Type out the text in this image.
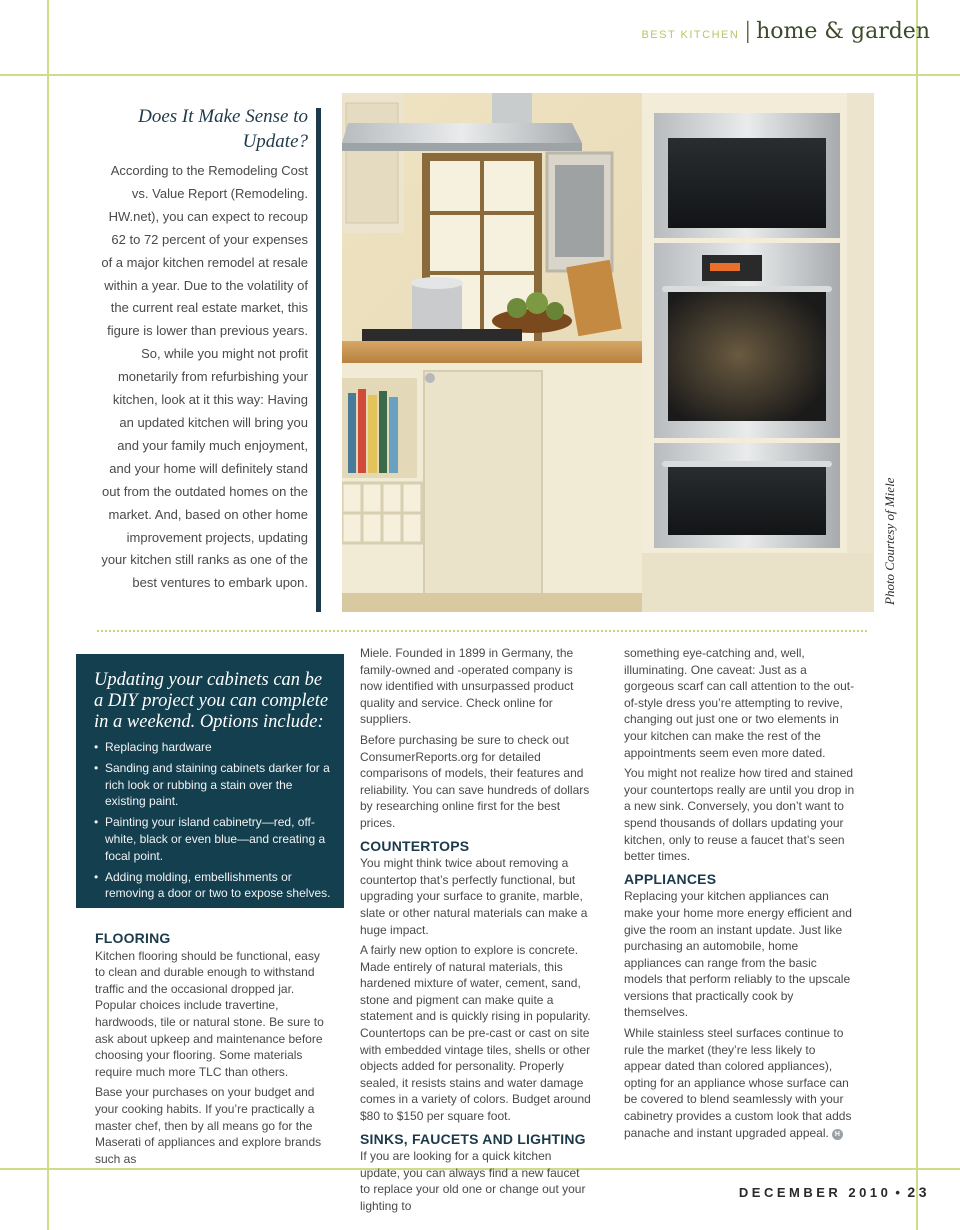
BEST KITCHEN | home & garden
Does It Make Sense to Update?

According to the Remodeling Cost vs. Value Report (Remodeling. HW.net), you can expect to recoup 62 to 72 percent of your expenses of a major kitchen remodel at resale within a year. Due to the volatility of the current real estate market, this figure is lower than previous years. So, while you might not profit monetarily from refurbishing your kitchen, look at it this way: Having an updated kitchen will bring you and your family much enjoyment, and your home will definitely stand out from the outdated homes on the market. And, based on other home improvement projects, updating your kitchen still ranks as one of the best ventures to embark upon.	Photo Courtesy of Miele
Updating your cabinets can be a DIY project you can complete in a weekend. Options include:
• Replacing hardware
• Sanding and staining cabinets darker for a rich look or rubbing a stain over the existing paint.
• Painting your island cabinetry—red, off-white, black or even blue—and creating a focal point.
• Adding molding, embellishments or removing a door or two to expose shelves.
FLOORING

Kitchen flooring should be functional, easy to clean and durable enough to withstand traffic and the occasional dropped jar. Popular choices include travertine, hardwoods, tile or natural stone. Be sure to ask about upkeep and maintenance before choosing your flooring. Some materials require much more TLC than others.

Base your purchases on your budget and your cooking habits. If you’re practically a master chef, then by all means go for the Maserati of appliances and explore brands such as

Miele. Founded in 1899 in Germany, the family-owned and -operated company is now identified with unsurpassed product quality and service. Check online for suppliers.

Before purchasing be sure to check out ConsumerReports.org for detailed comparisons of models, their features and reliability. You can save hundreds of dollars by researching online first for the best prices.

COUNTERTOPS

You might think twice about removing a countertop that’s perfectly functional, but upgrading your surface to granite, marble, slate or other natural materials can make a huge impact.

A fairly new option to explore is concrete. Made entirely of natural materials, this hardened mixture of water, cement, sand, stone and pigment can make quite a statement and is quickly rising in popularity. Countertops can be pre-cast or cast on site with embedded vintage tiles, shells or other objects added for personality. Properly sealed, it resists stains and water damage comes in a variety of colors. Budget around $80 to $150 per square foot.

SINKS, FAUCETS AND LIGHTING

If you are looking for a quick kitchen update, you can always find a new faucet to replace your old one or change out your lighting to

something eye-catching and, well, illuminating. One caveat: Just as a gorgeous scarf can call attention to the out-of-style dress you’re attempting to revive, changing out just one or two elements in your kitchen can make the rest of the appointments seem even more dated.

You might not realize how tired and stained your countertops really are until you drop in a new sink. Conversely, you don’t want to spend thousands of dollars updating your kitchen, only to reuse a faucet that’s seen better times.

APPLIANCES

Replacing your kitchen appliances can make your home more energy efficient and give the room an instant update. Just like purchasing an automobile, home appliances can range from the basic models that perform reliably to the upscale versions that practically cook by themselves.

While stainless steel surfaces continue to rule the market (they’re less likely to appear dated than colored appliances), opting for an appliance whose surface can be covered to blend seamlessly with your cabinetry provides a custom look that adds panache and instant upgraded appeal. H

DECEMBER 2010 • 23
